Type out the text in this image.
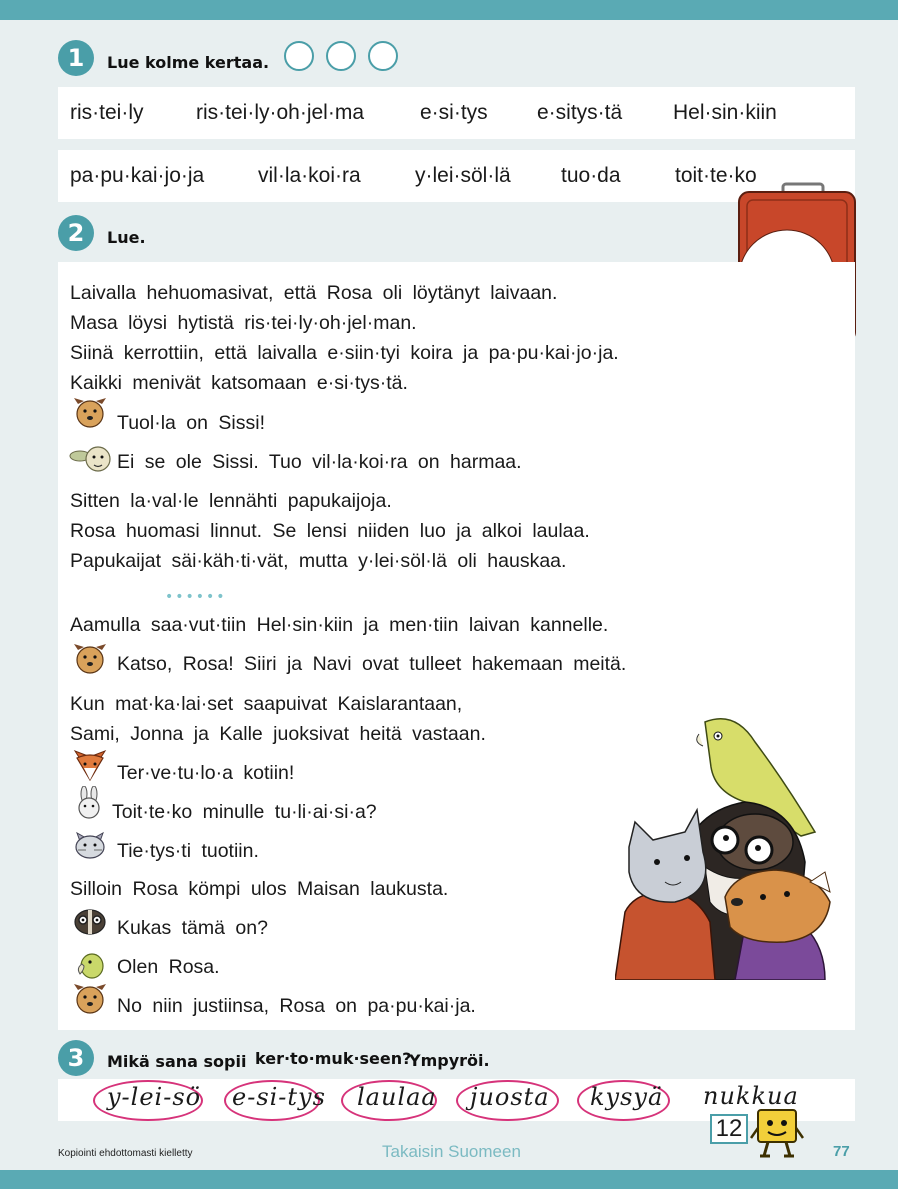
1	Lue kolme kertaa.
ris·tei·ly	ris·tei·ly·oh·jel·ma	e·si·tys e·sitys·tä Hel·sin·kiin
pa·pu·kai·jo·ja	vil·la·koi·ra	y·lei·söl·lä tuo·da	toit·te·ko
2	Lue.
Laivalla hehuomasivat, että Rosa oli löytänyt laivaan.
Masa löysi hytistä ris·tei·ly·oh·jel·man.
Siinä kerrottiin, että laivalla e·siin·tyi koira ja pa·pu·kai·jo·ja.
Kaikki menivät katsomaan e·si·tys·tä.
Tuol·la on Sissi!
Ei se ole Sissi. Tuo vil·la·koi·ra on harmaa.
Sitten la·val·le lennähti papukaijoja.
Rosa huomasi linnut. Se lensi niiden luo ja alkoi laulaa.
Papukaijat säi·käh·ti·vät, mutta y·lei·söl·lä oli hauskaa.
••••••
Aamulla saa·vut·tiin Hel·sin·kiin ja men·tiin laivan kannelle.
Katso, Rosa! Siiri ja Navi ovat tulleet hakemaan meitä.
Kun mat·ka·lai·set saapuivat Kaislarantaan,
Sami, Jonna ja Kalle juoksivat heitä vastaan.
Ter·ve·tu·lo·a kotiin!
Toit·te·ko minulle tu·li·ai·si·a?
Tie·tys·ti tuotiin.
Silloin Rosa kömpi ulos Maisan laukusta.
Kukas tämä on?
Olen Rosa.
No niin justiinsa, Rosa on pa·pu·kai·ja.
3	Mikä sana sopii ker·to·muk·seen?
Ympyröi.
y-lei-sö e-si-tys laulaa juosta kysyä nukkua
12
Kopiointi ehdottomasti kielletty	Takaisin Suomeen	77
